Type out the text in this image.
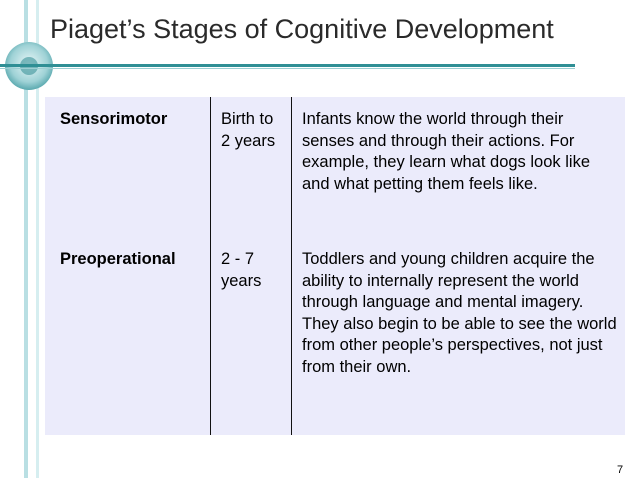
Piaget’s Stages of Cognitive Development
Sensorimotor	Birth to 2 years
Infants know the world through their senses and through their actions. For example, they learn what dogs look like and what petting them feels like.
Preoperational	2 - 7 years
Toddlers and young children acquire the ability to internally represent the world through language and mental imagery. They also begin to be able to see the world from other people’s perspectives, not just from their own.
7
